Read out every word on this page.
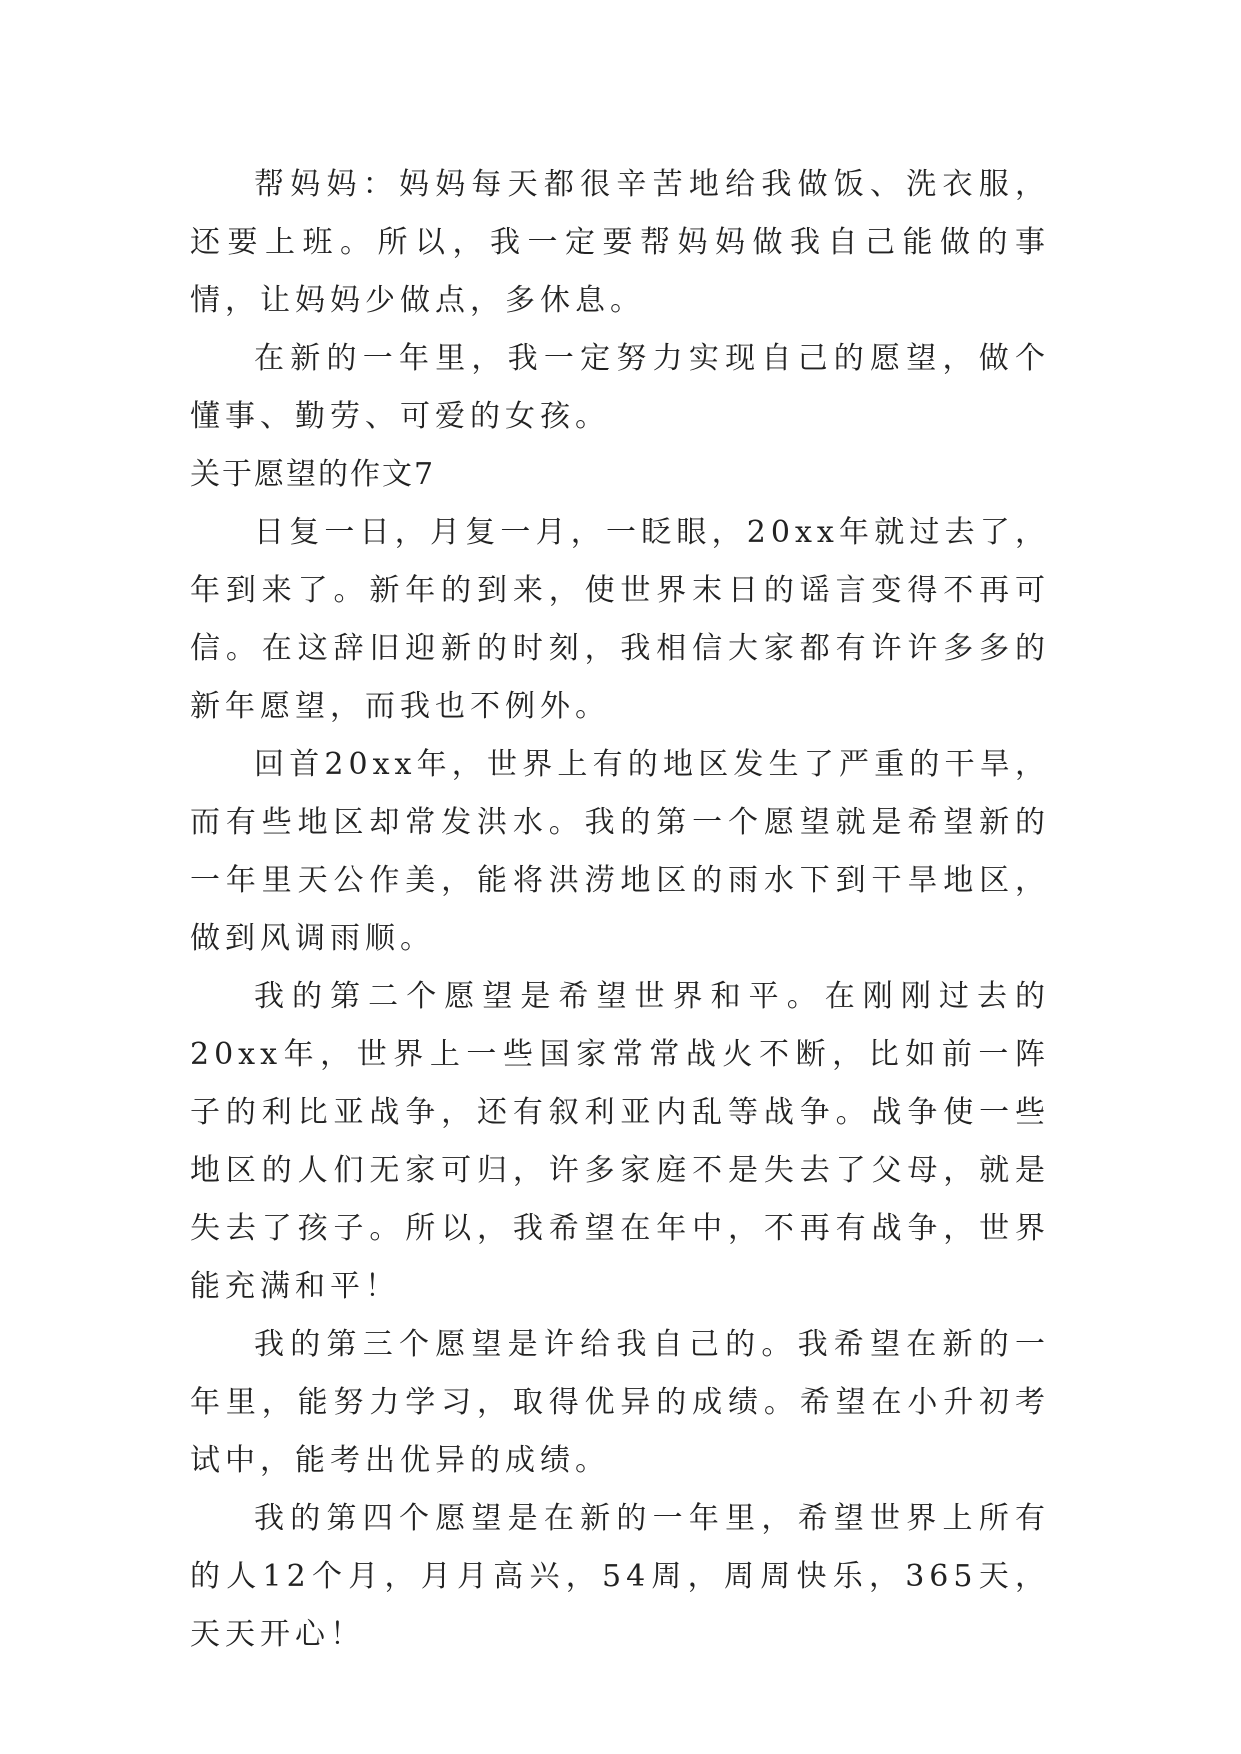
帮妈妈：妈妈每天都很辛苦地给我做饭、洗衣服，还要上班。所以，我一定要帮妈妈做我自己能做的事情，让妈妈少做点，多休息。

在新的一年里，我一定努力实现自己的愿望，做个懂事、勤劳、可爱的女孩。

关于愿望的作文7

日复一日，月复一月，一眨眼，20xx年就过去了，年到来了。新年的到来，使世界末日的谣言变得不再可信。在这辞旧迎新的时刻，我相信大家都有许许多多的新年愿望，而我也不例外。

回首20xx年，世界上有的地区发生了严重的干旱，而有些地区却常发洪水。我的第一个愿望就是希望新的一年里天公作美，能将洪涝地区的雨水下到干旱地区，做到风调雨顺。

我的第二个愿望是希望世界和平。在刚刚过去的20xx年，世界上一些国家常常战火不断，比如前一阵子的利比亚战争，还有叙利亚内乱等战争。战争使一些地区的人们无家可归，许多家庭不是失去了父母，就是失去了孩子。所以，我希望在年中，不再有战争，世界能充满和平！

我的第三个愿望是许给我自己的。我希望在新的一年里，能努力学习，取得优异的成绩。希望在小升初考试中，能考出优异的成绩。

我的第四个愿望是在新的一年里，希望世界上所有的人12个月，月月高兴，54周，周周快乐，365天，天天开心！
